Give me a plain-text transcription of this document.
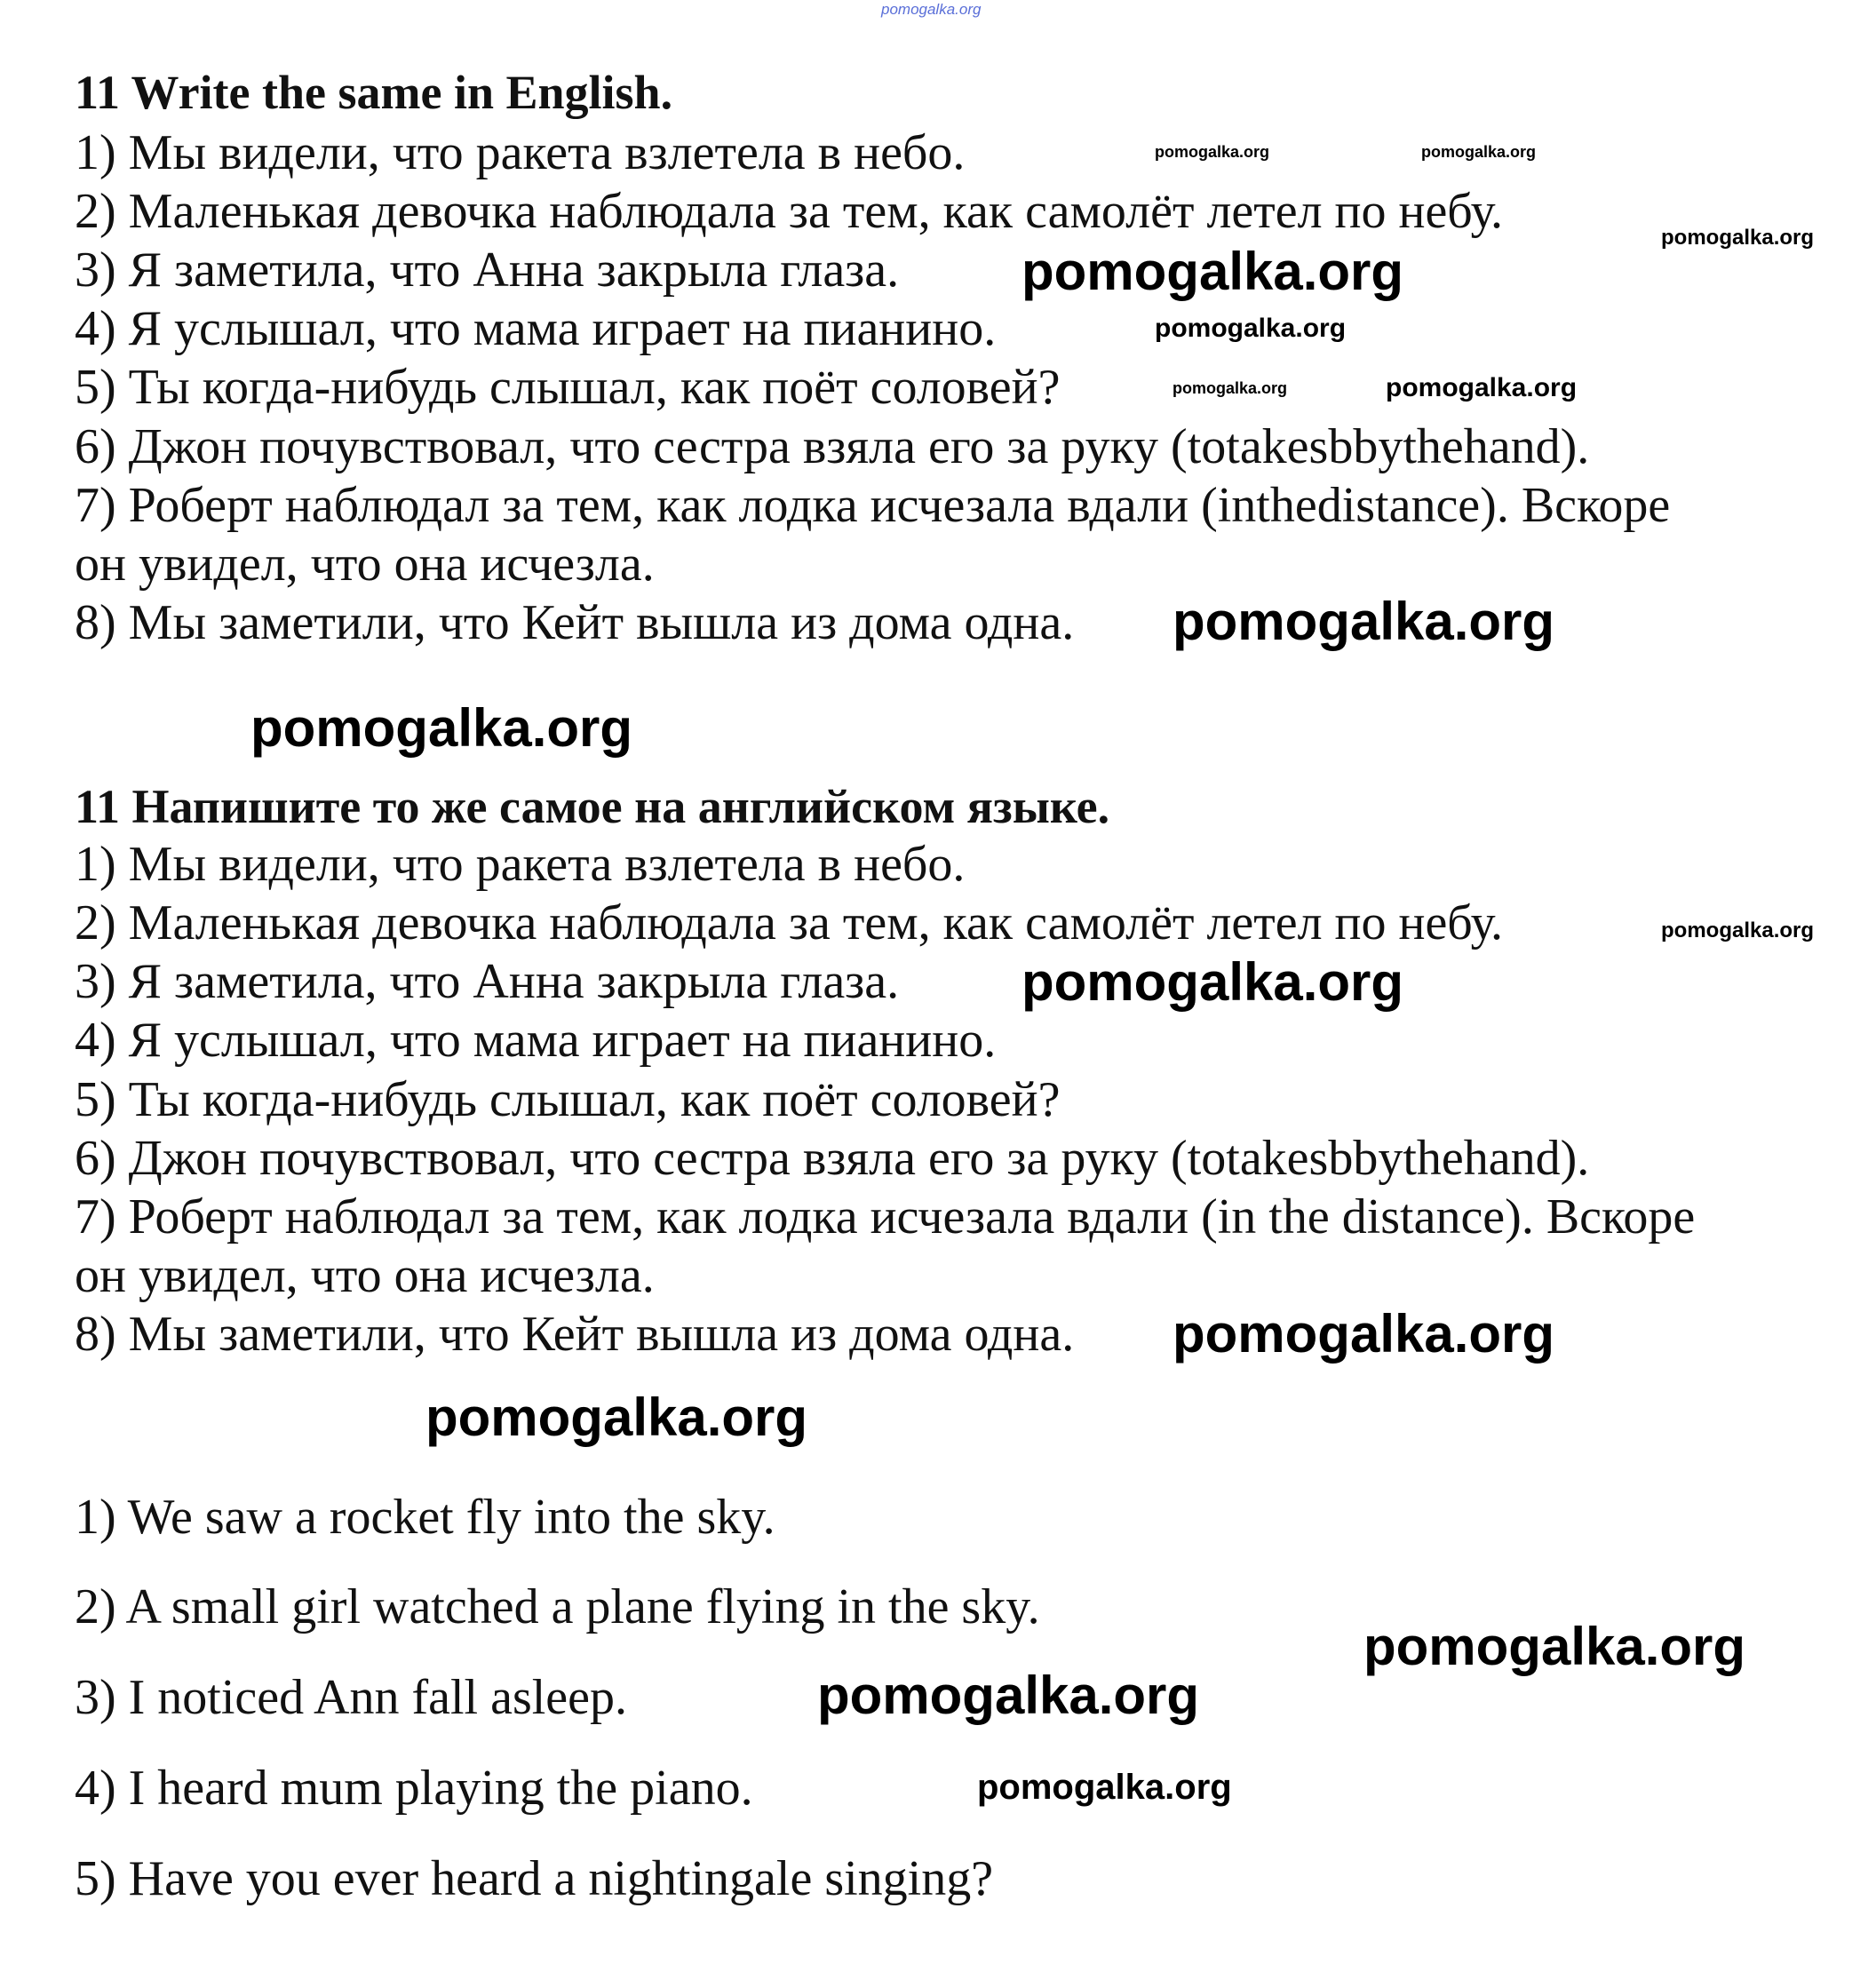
11 Write the same in English.
1) Мы видели, что ракета взлетела в небо.
2) Маленькая девочка наблюдала за тем, как самолёт летел по небу.
3) Я заметила, что Анна закрыла глаза.
4) Я услышал, что мама играет на пианино.
5) Ты когда-нибудь слышал, как поёт соловей?
6) Джон почувствовал, что сестра взяла его за руку (totakesbbythehand).
7) Роберт наблюдал за тем, как лодка исчезала вдали (inthedistance). Вскоре
он увидел, что она исчезла.
8) Мы заметили, что Кейт вышла из дома одна.
11 Напишите то же самое на английском языке.
1) Мы видели, что ракета взлетела в небо.
2) Маленькая девочка наблюдала за тем, как самолёт летел по небу.
3) Я заметила, что Анна закрыла глаза.
4) Я услышал, что мама играет на пианино.
5) Ты когда-нибудь слышал, как поёт соловей?
6) Джон почувствовал, что сестра взяла его за руку (totakesbbythehand).
7) Роберт наблюдал за тем, как лодка исчезала вдали (in the distance). Вскоре
он увидел, что она исчезла.
8) Мы заметили, что Кейт вышла из дома одна.
1) We saw a rocket fly into the sky.
2) A small girl watched a plane flying in the sky.
3) I noticed Ann fall asleep.
4) I heard mum playing the piano.
5) Have you ever heard a nightingale singing?
pomogalka.org
pomogalka.org	pomogalka.org
pomogalka.org
pomogalka.org
pomogalka.org
pomogalka.org	pomogalka.org
pomogalka.org
pomogalka.org
pomogalka.org
pomogalka.org
pomogalka.org
pomogalka.org
pomogalka.org
pomogalka.org
pomogalka.org
